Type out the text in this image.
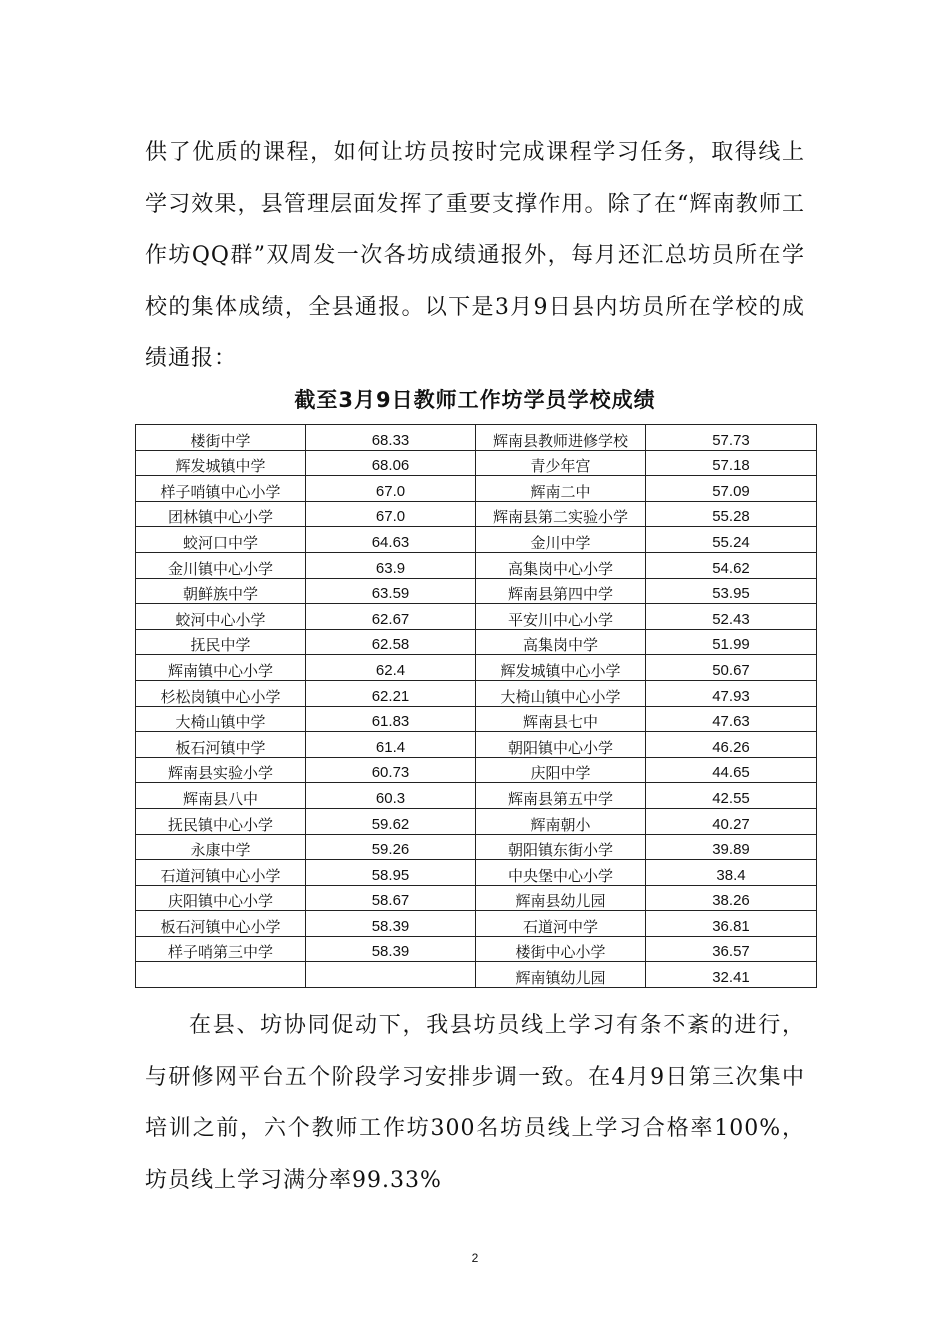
供了优质的课程，如何让坊员按时完成课程学习任务，取得线上学习效果，县管理层面发挥了重要支撑作用。除了在“辉南教师工作坊QQ群”双周发一次各坊成绩通报外，每月还汇总坊员所在学校的集体成绩，全县通报。以下是3月9日县内坊员所在学校的成绩通报：

截至3月9日教师工作坊学员学校成绩
楼街中学	68.33	辉南县教师进修学校	57.73
辉发城镇中学	68.06	青少年宫	57.18
样子哨镇中心小学	67.0	辉南二中	57.09
团林镇中心小学	67.0	辉南县第二实验小学	55.28
蛟河口中学	64.63	金川中学	55.24
金川镇中心小学	63.9	高集岗中心小学	54.62
朝鲜族中学	63.59	辉南县第四中学	53.95
蛟河中心小学	62.67	平安川中心小学	52.43
抚民中学	62.58	高集岗中学	51.99
辉南镇中心小学	62.4	辉发城镇中心小学	50.67
杉松岗镇中心小学	62.21	大椅山镇中心小学	47.93
大椅山镇中学	61.83	辉南县七中	47.63
板石河镇中学	61.4	朝阳镇中心小学	46.26
辉南县实验小学	60.73	庆阳中学	44.65
辉南县八中	60.3	辉南县第五中学	42.55
抚民镇中心小学	59.62	辉南朝小	40.27
永康中学	59.26	朝阳镇东街小学	39.89
石道河镇中心小学	58.95	中央堡中心小学	38.4
庆阳镇中心小学	58.67	辉南县幼儿园	38.26
板石河镇中心小学	58.39	石道河中学	36.81
样子哨第三中学	58.39	楼街中心小学	36.57
		辉南镇幼儿园	32.41

在县、坊协同促动下，我县坊员线上学习有条不紊的进行，与研修网平台五个阶段学习安排步调一致。在4月9日第三次集中培训之前，六个教师工作坊300名坊员线上学习合格率100%，坊员线上学习满分率99.33%

2
